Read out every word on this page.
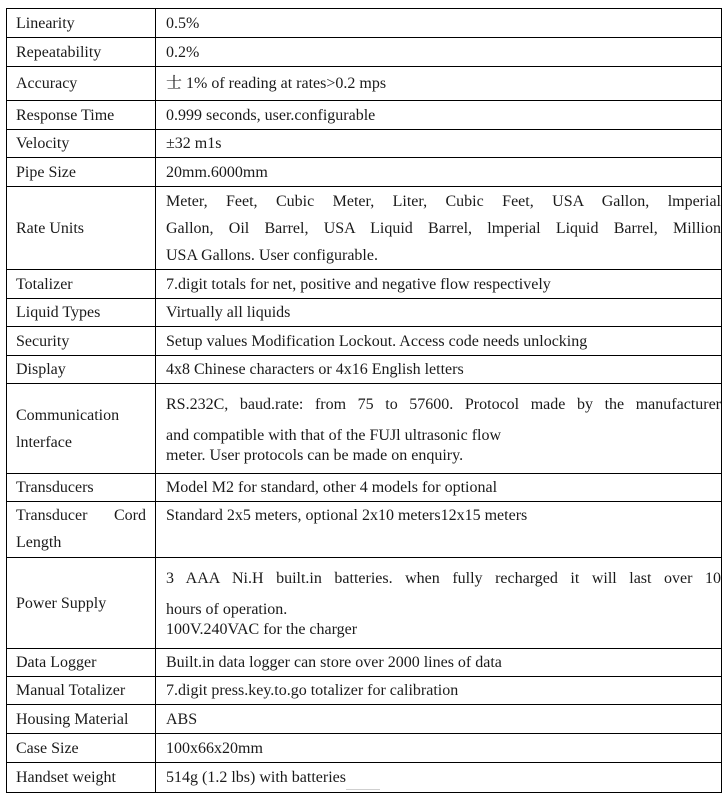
Linearity	0.5%
Repeatability	0.2%
Accuracy	士 1% of reading at rates>0.2 mps
Response Time	0.999 seconds, user.configurable
Velocity	±32 m1s
Pipe Size	20mm.6000mm
Rate Units	Meter, Feet, Cubic Meter, Liter, Cubic Feet, USA Gallon, lmperial
Gallon, Oil Barrel, USA Liquid Barrel, lmperial Liquid Barrel, Million
USA Gallons. User configurable.

Totalizer	7.digit totals for net, positive and negative flow respectively
Liquid Types	Virtually all liquids
Security	Setup values Modification Lockout. Access code needs unlocking
Display	4x8 Chinese characters or 4x16 English letters

Communication
lnterface	RS.232C, baud.rate: from 75 to 57600. Protocol made by the manufacturer
and compatible with that of the FUJl ultrasonic flow
meter. User protocols can be made on enquiry.

Transducers	Model M2 for standard, other 4 models for optional

Transducer Cord
Length	Standard 2x5 meters, optional 2x10 meters12x15 meters
Power Supply	3 AAA Ni.H built.in batteries. when fully recharged it will last over 10
hours of operation.
100V.240VAC for the charger

Data Logger	Built.in data logger can store over 2000 lines of data
Manual Totalizer	7.digit press.key.to.go totalizer for calibration
Housing Material	ABS
Case Size	100x66x20mm
Handset weight	514g (1.2 lbs) with batteries
